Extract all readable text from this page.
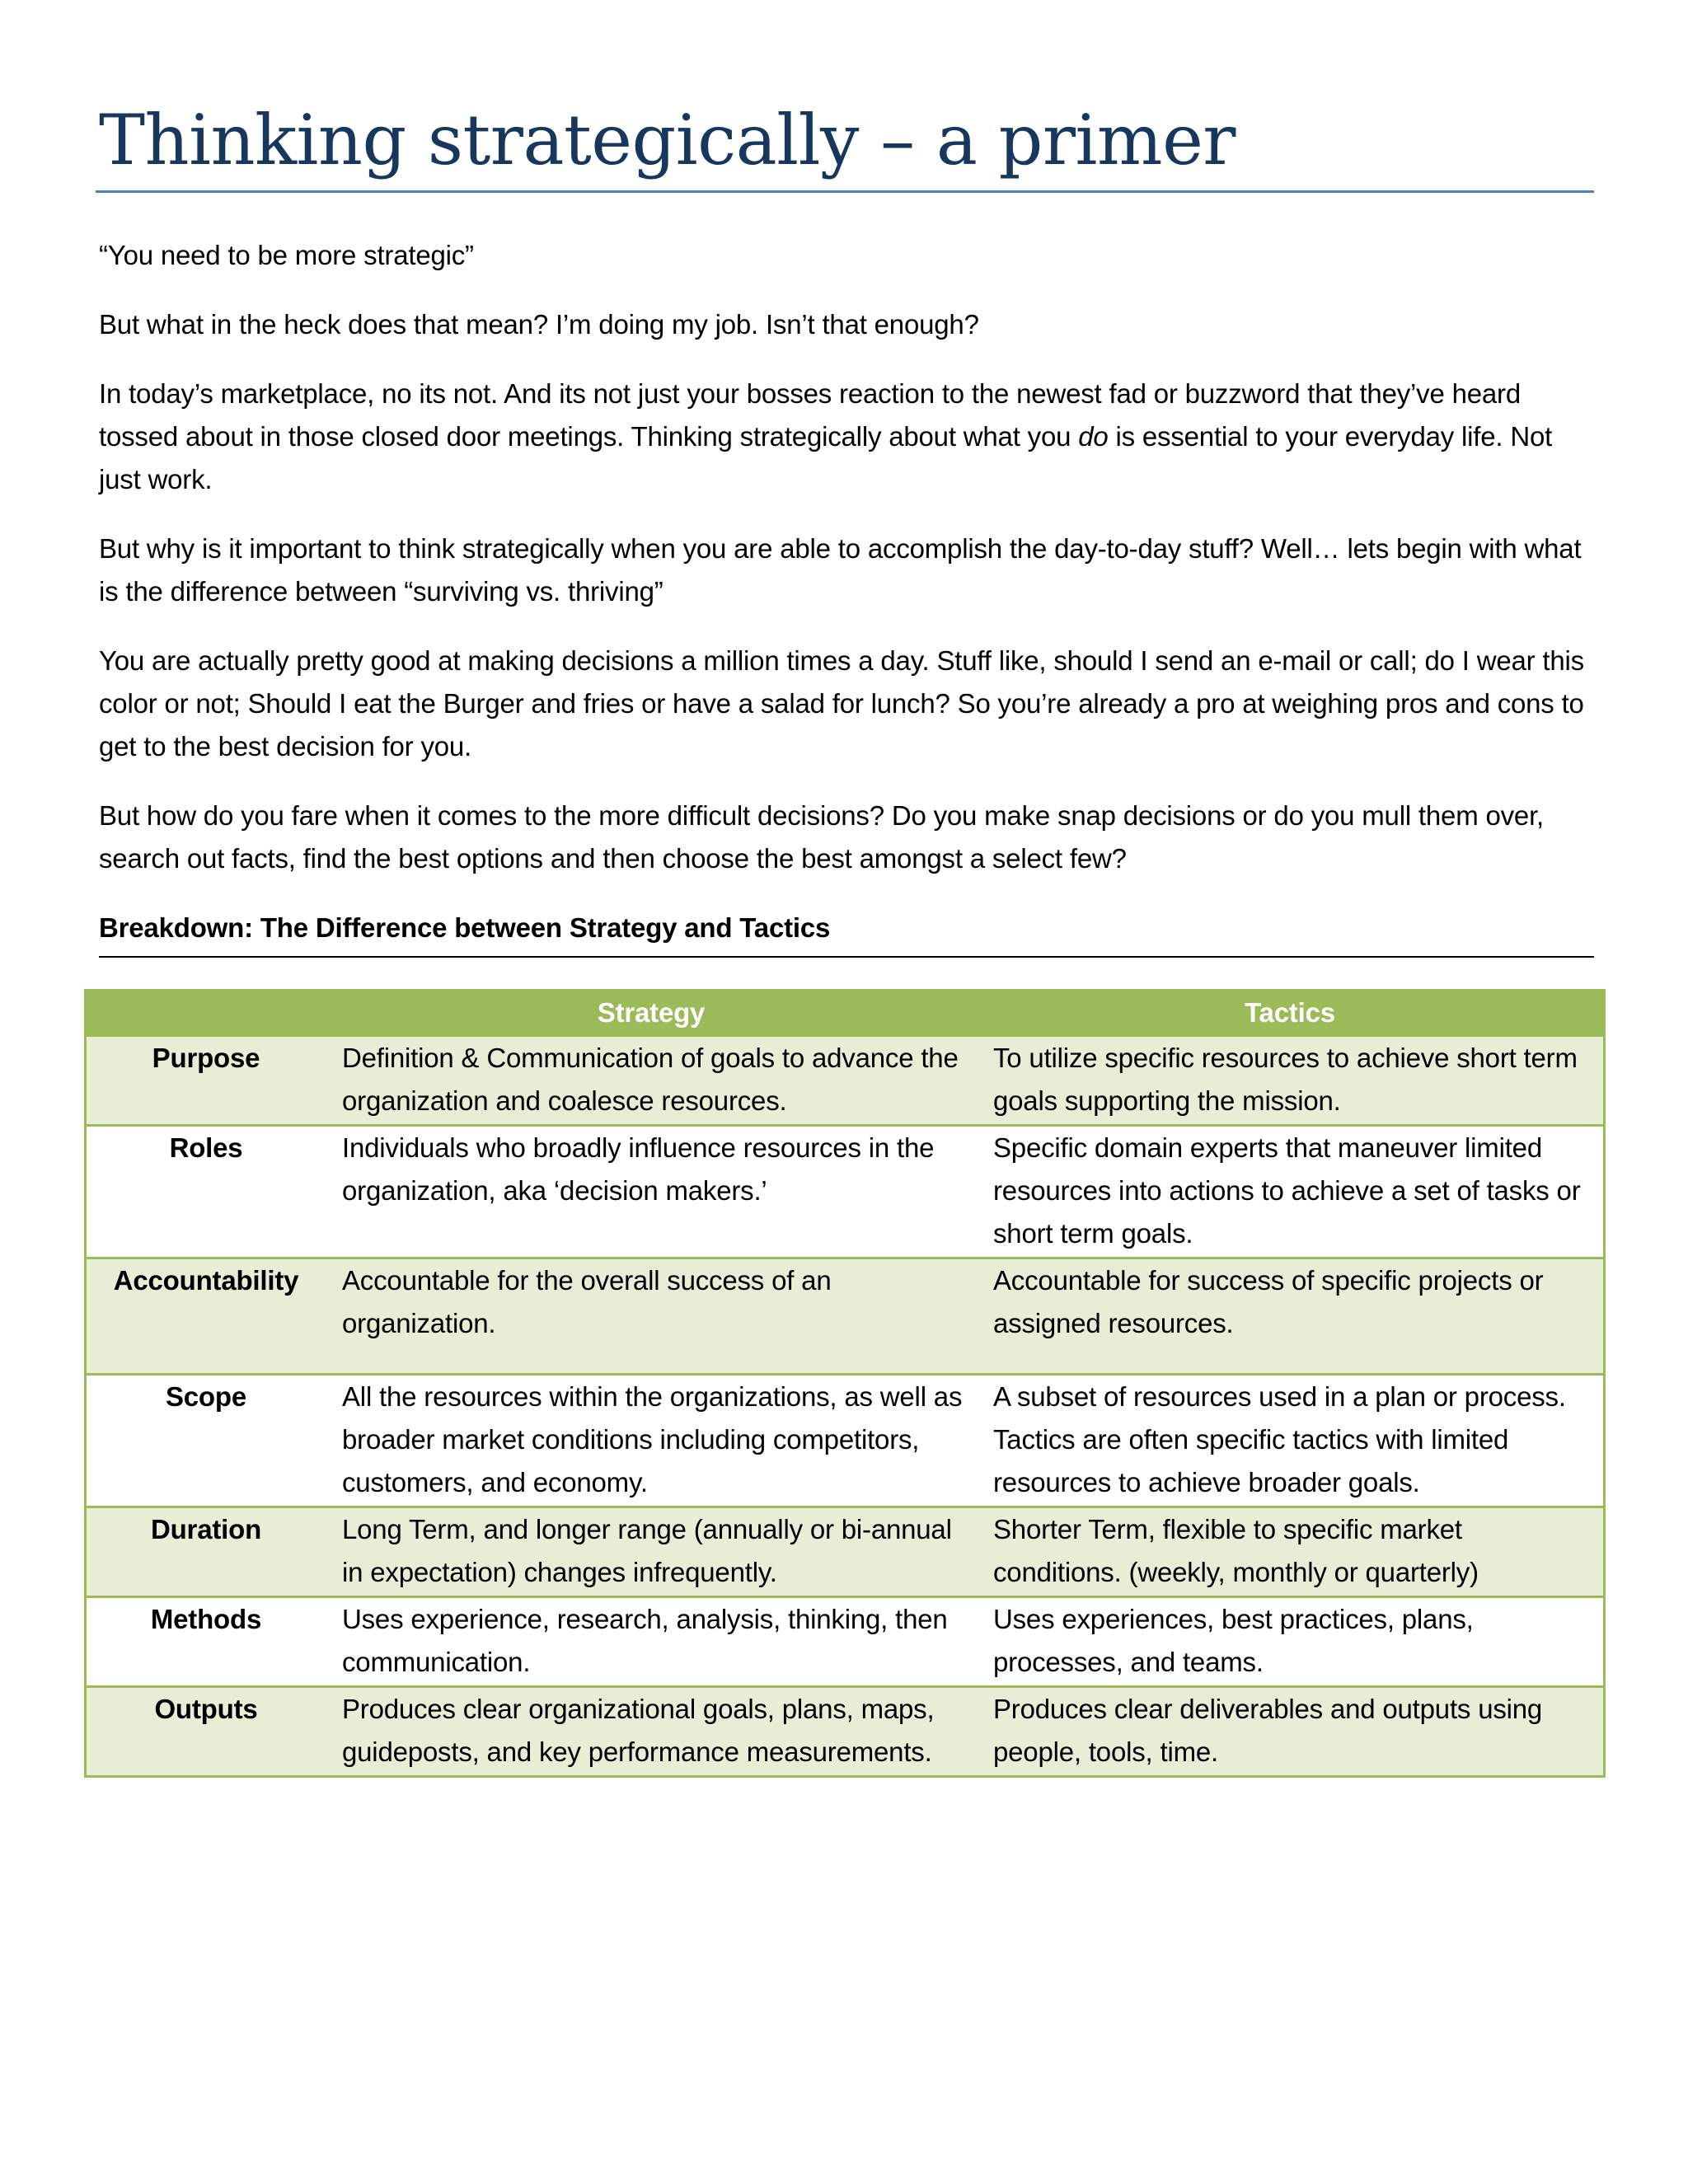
Thinking strategically – a primer

“You need to be more strategic”

But what in the heck does that mean? I’m doing my job. Isn’t that enough?

In today’s marketplace, no its not. And its not just your bosses reaction to the newest fad or buzzword that they’ve heard tossed about in those closed door meetings. Thinking strategically about what you do is essential to your everyday life. Not just work.

But why is it important to think strategically when you are able to accomplish the day-to-day stuff? Well… lets begin with what is the difference between “surviving vs. thriving”

You are actually pretty good at making decisions a million times a day. Stuff like, should I send an e-mail or call; do I wear this color or not; Should I eat the Burger and fries or have a salad for lunch? So you’re already a pro at weighing pros and cons to get to the best decision for you.

But how do you fare when it comes to the more difficult decisions? Do you make snap decisions or do you mull them over, search out facts, find the best options and then choose the best amongst a select few?

Breakdown: The Difference between Strategy and Tactics
	Strategy	Tactics
Purpose	Definition & Communication of goals to advance the organization and coalesce resources.	To utilize specific resources to achieve short term goals supporting the mission.
Roles	Individuals who broadly influence resources in the organization, aka ‘decision makers.’	Specific domain experts that maneuver limited resources into actions to achieve a set of tasks or short term goals.
Accountability	Accountable for the overall success of an organization.	Accountable for success of specific projects or assigned resources.
Scope	All the resources within the organizations, as well as broader market conditions including competitors, customers, and economy.	A subset of resources used in a plan or process. Tactics are often specific tactics with limited resources to achieve broader goals.
Duration	Long Term, and longer range (annually or bi-annual in expectation) changes infrequently.	Shorter Term, flexible to specific market conditions. (weekly, monthly or quarterly)
Methods	Uses experience, research, analysis, thinking, then communication.	Uses experiences, best practices, plans, processes, and teams.
Outputs	Produces clear organizational goals, plans, maps, guideposts, and key performance measurements.	Produces clear deliverables and outputs using people, tools, time.
